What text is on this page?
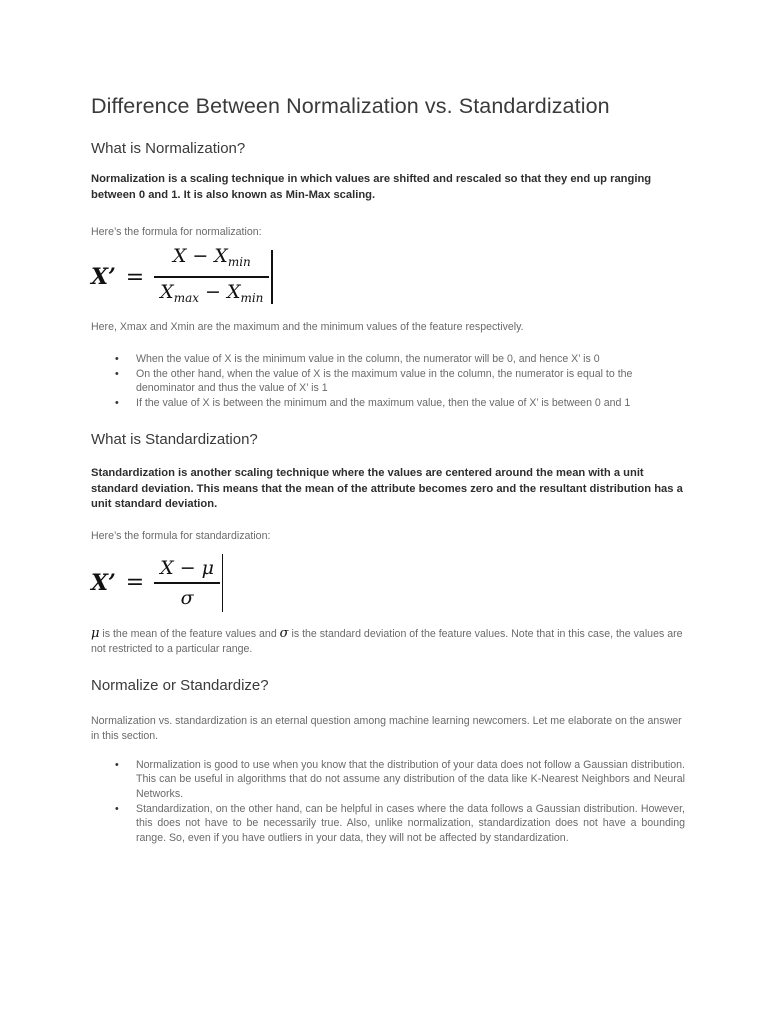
Difference Between Normalization vs. Standardization
What is Normalization?

Normalization is a scaling technique in which values are shifted and rescaled so that they end up ranging between 0 and 1. It is also known as Min-Max scaling.

Here’s the formula for normalization:

X’ = $\frac{X - X_{min}}{X_{max} - X_{min}}$

Here, Xmax and Xmin are the maximum and the minimum values of the feature respectively.

• When the value of X is the minimum value in the column, the numerator will be 0, and hence X’ is 0
• On the other hand, when the value of X is the maximum value in the column, the numerator is equal to the denominator and thus the value of X’ is 1
• If the value of X is between the minimum and the maximum value, then the value of X’ is between 0 and 1
What is Standardization?

Standardization is another scaling technique where the values are centered around the mean with a unit standard deviation. This means that the mean of the attribute becomes zero and the resultant distribution has a unit standard deviation.

Here’s the formula for standardization:

X’ = $\frac{X - \mu}{\sigma}$

μ is the mean of the feature values and σ is the standard deviation of the feature values. Note that in this case, the values are not restricted to a particular range.

Normalize or Standardize?

Normalization vs. standardization is an eternal question among machine learning newcomers. Let me elaborate on the answer in this section.

• Normalization is good to use when you know that the distribution of your data does not follow a Gaussian distribution. This can be useful in algorithms that do not assume any distribution of the data like K-Nearest Neighbors and Neural Networks.
• Standardization, on the other hand, can be helpful in cases where the data follows a Gaussian distribution. However, this does not have to be necessarily true. Also, unlike normalization, standardization does not have a bounding range. So, even if you have outliers in your data, they will not be affected by standardization.
